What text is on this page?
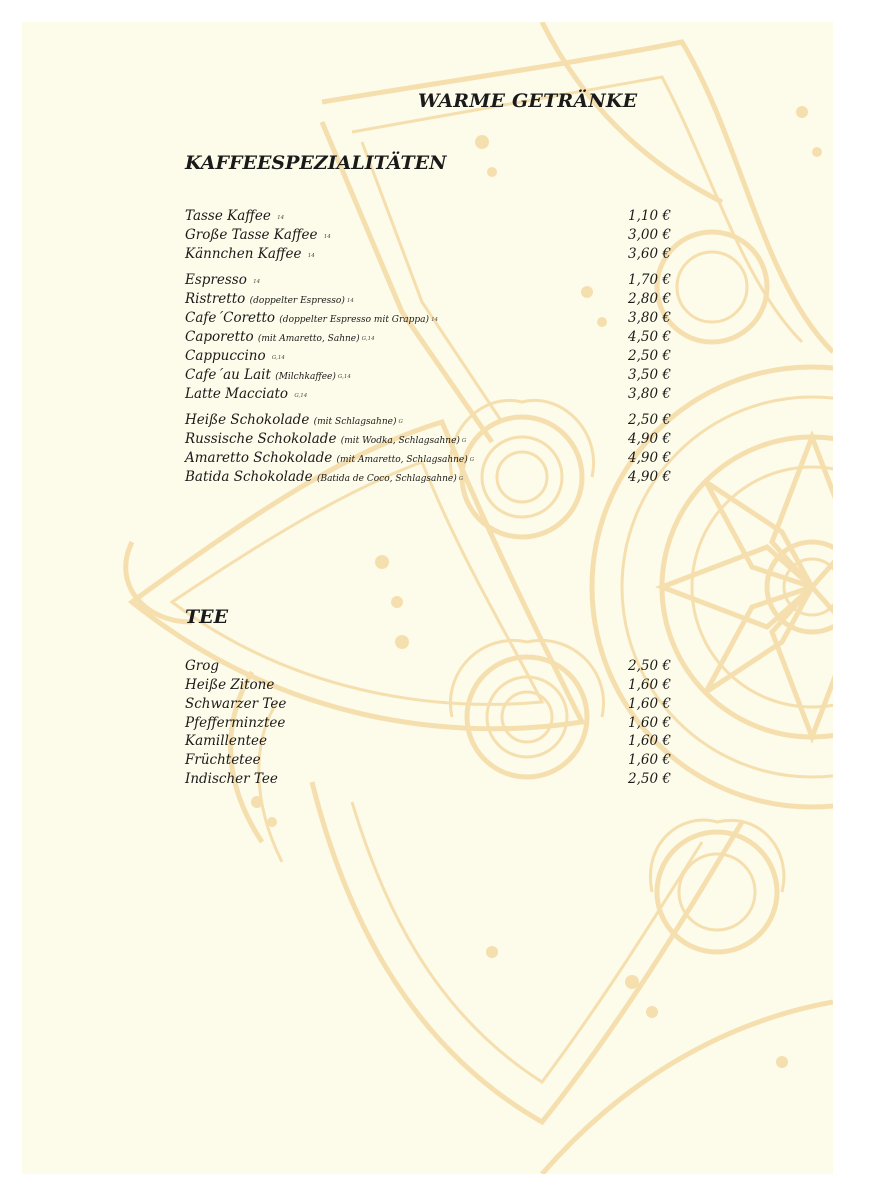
WARME GETRÄNKE
KAFFEESPEZIALITÄTEN
Tasse Kaffee 14	1,10 €
Große Tasse Kaffee 14	3,00 €
Kännchen Kaffee 14	3,60 €
Espresso 14	1,70 €
Ristretto (doppelter Espresso) 14	2,80 €
Cafe´Coretto (doppelter Espresso mit Grappa) 14	3,80 €
Caporetto (mit Amaretto, Sahne) G,14	4,50 €
Cappuccino G,14	2,50 €
Cafe´au Lait (Milchkaffee) G,14	3,50 €
Latte Macciato G,14	3,80 €
Heiße Schokolade (mit Schlagsahne) G	2,50 €
Russische Schokolade (mit Wodka, Schlagsahne) G	4,90 €
Amaretto Schokolade (mit Amaretto, Schlagsahne) G	4,90 €
Batida Schokolade (Batida de Coco, Schlagsahne) G	4,90 €
TEE
Grog	2,50 €
Heiße Zitone	1,60 €
Schwarzer Tee	1,60 €
Pfefferminztee	1,60 €
Kamillentee	1,60 €
Früchtetee	1,60 €
Indischer Tee	2,50 €
